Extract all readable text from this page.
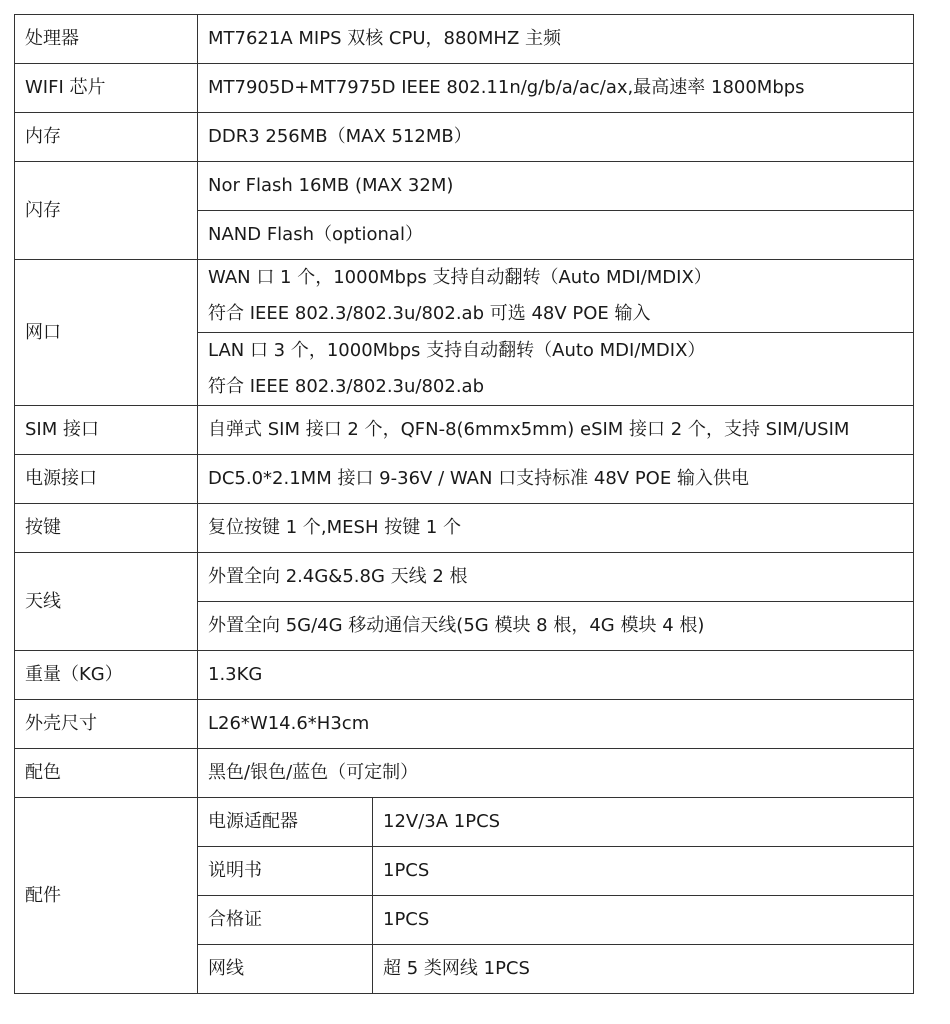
处理器	MT7621A MIPS 双核 CPU，880MHZ 主频	
WIFI 芯片	MT7905D+MT7975D IEEE 802.11n/g/b/a/ac/ax,最高速率 1800Mbps	
内存	DDR3 256MB（MAX 512MB）	
闪存	Nor Flash 16MB (MAX 32M)	
	NAND Flash（optional）	
网口	WAN 口 1 个，1000Mbps 支持自动翻转（Auto MDI/MDIX）
符合 IEEE 802.3/802.3u/802.ab 可选 48V POE 输入	

	LAN 口 3 个，1000Mbps 支持自动翻转（Auto MDI/MDIX）
符合 IEEE 802.3/802.3u/802.ab	

SIM 接口	自弹式 SIM 接口 2 个，QFN-8(6mmx5mm) eSIM 接口 2 个，支持 SIM/USIM	
电源接口	DC5.0*2.1MM 接口 9-36V / WAN 口支持标准 48V POE 输入供电	
按键	复位按键 1 个,MESH 按键 1 个	
天线	外置全向 2.4G&5.8G 天线 2 根	
	外置全向 5G/4G 移动通信天线(5G 模块 8 根，4G 模块 4 根)	
重量（KG）	1.3KG	
外壳尺寸	L26*W14.6*H3cm	
配色	黑色/银色/蓝色（可定制）	
配件	电源适配器	12V/3A 1PCS
	说明书	1PCS
	合格证	1PCS
	网线	超 5 类网线 1PCS
